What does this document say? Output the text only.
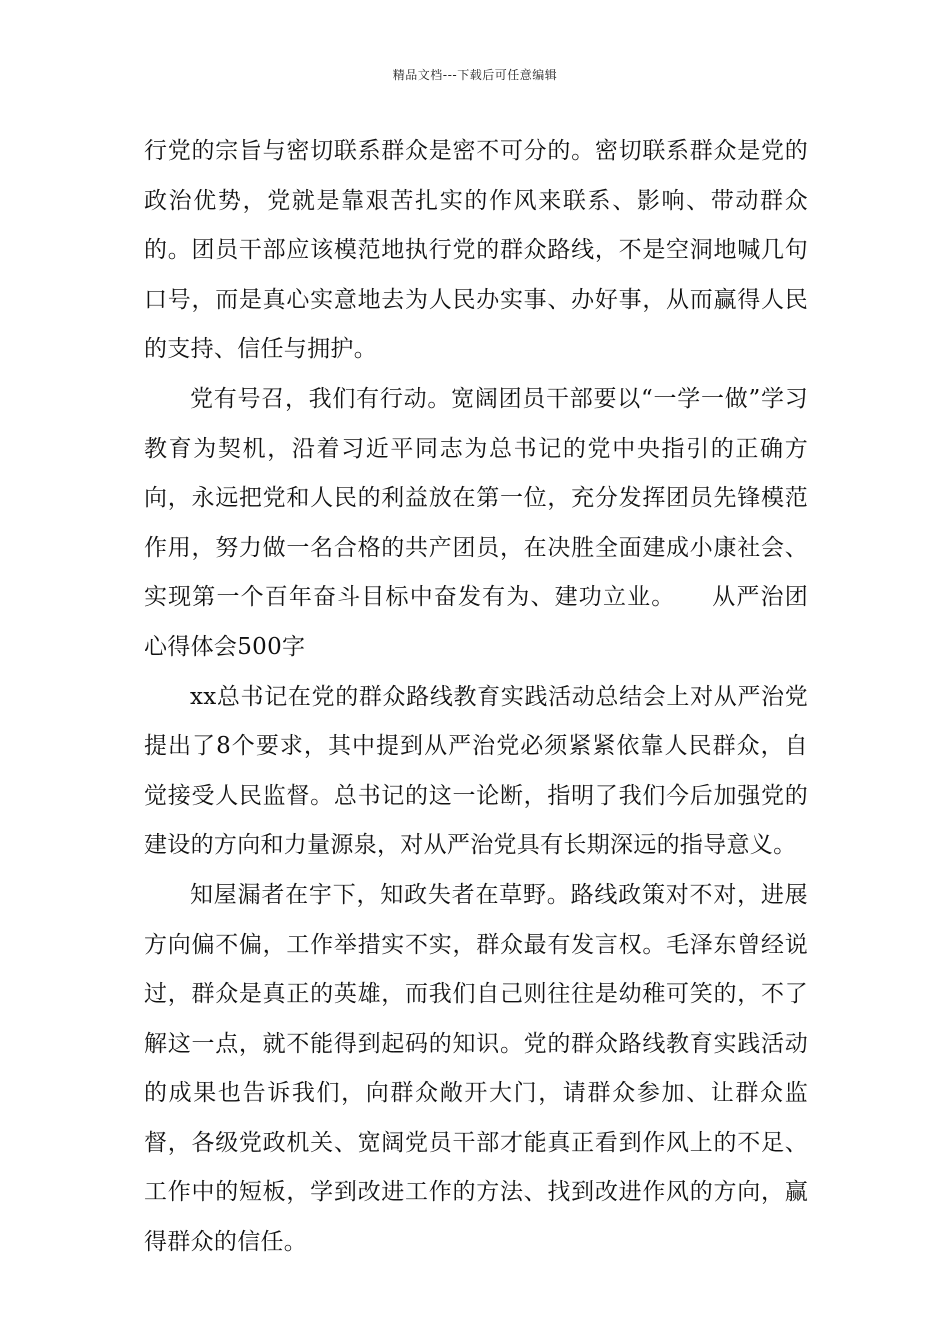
精品文档---下载后可任意编辑

行党的宗旨与密切联系群众是密不可分的。密切联系群众是党的政治优势，党就是靠艰苦扎实的作风来联系、影响、带动群众的。团员干部应该模范地执行党的群众路线，不是空洞地喊几句口号，而是真心实意地去为人民办实事、办好事，从而赢得人民的支持、信任与拥护。

党有号召，我们有行动。宽阔团员干部要以“一学一做”学习教育为契机，沿着习近平同志为总书记的党中央指引的正确方向，永远把党和人民的利益放在第一位，充分发挥团员先锋模范作用，努力做一名合格的共产团员，在决胜全面建成小康社会、实现第一个百年奋斗目标中奋发有为、建功立业。　　从严治团心得体会500字

xx总书记在党的群众路线教育实践活动总结会上对从严治党提出了8个要求，其中提到从严治党必须紧紧依靠人民群众，自觉接受人民监督。总书记的这一论断，指明了我们今后加强党的建设的方向和力量源泉，对从严治党具有长期深远的指导意义。

知屋漏者在宇下，知政失者在草野。路线政策对不对，进展方向偏不偏，工作举措实不实，群众最有发言权。毛泽东曾经说过，群众是真正的英雄，而我们自己则往往是幼稚可笑的，不了解这一点，就不能得到起码的知识。党的群众路线教育实践活动的成果也告诉我们，向群众敞开大门，请群众参加、让群众监督，各级党政机关、宽阔党员干部才能真正看到作风上的不足、工作中的短板，学到改进工作的方法、找到改进作风的方向，赢得群众的信任。
